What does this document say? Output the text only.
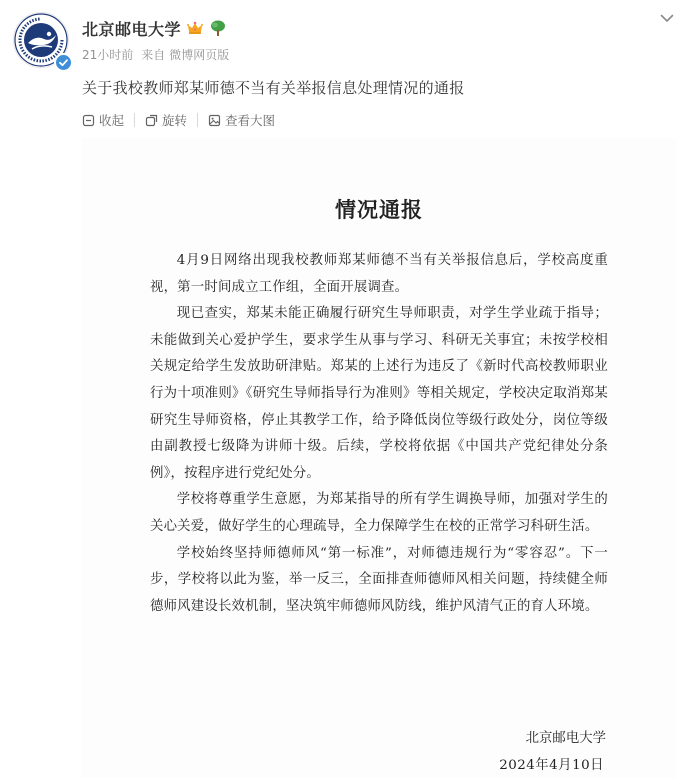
北京邮电大学
21小时前 来自 微博网页版
关于我校教师郑某师德不当有关举报信息处理情况的通报
收起	旋转	查看大图
情况通报

4月9日网络出现我校教师郑某师德不当有关举报信息后，学校高度重视，第一时间成立工作组，全面开展调查。

现已查实，郑某未能正确履行研究生导师职责，对学生学业疏于指导；未能做到关心爱护学生，要求学生从事与学习、科研无关事宜；未按学校相关规定给学生发放助研津贴。郑某的上述行为违反了《新时代高校教师职业行为十项准则》《研究生导师指导行为准则》等相关规定，学校决定取消郑某研究生导师资格，停止其教学工作，给予降低岗位等级行政处分，岗位等级由副教授七级降为讲师十级。后续，学校将依据《中国共产党纪律处分条例》，按程序进行党纪处分。

学校将尊重学生意愿，为郑某指导的所有学生调换导师，加强对学生的关心关爱，做好学生的心理疏导，全力保障学生在校的正常学习科研生活。

学校始终坚持师德师风“第一标准”，对师德违规行为“零容忍”。下一步，学校将以此为鉴，举一反三，全面排查师德师风相关问题，持续健全师德师风建设长效机制，坚决筑牢师德师风防线，维护风清气正的育人环境。

北京邮电大学
2024年4月10日
